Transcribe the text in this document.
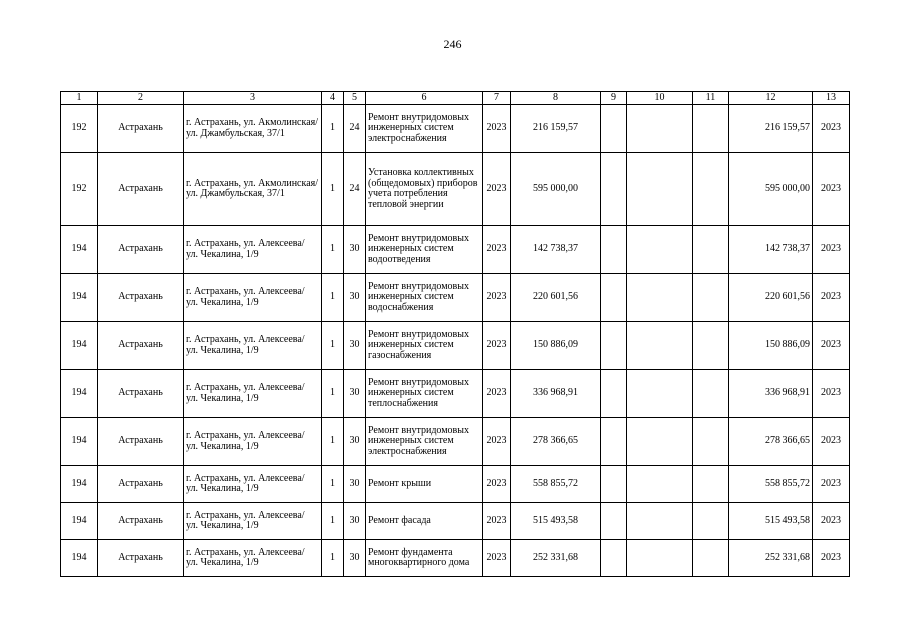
246
1	2	3	4	5	6	7	8	9	10	11	12	13
192	Астрахань	г. Астрахань, ул. Акмолинская/ ул. Джамбульская, 37/1	1	24	Ремонт внутридомовых инженерных систем электроснабжения	2023	216 159,57				216 159,57	2023
192	Астрахань	г. Астрахань, ул. Акмолинская/ ул. Джамбульская, 37/1	1	24	Установка коллективных (общедомовых) приборов учета потребления тепловой энергии	2023	595 000,00				595 000,00	2023
194	Астрахань	г. Астрахань, ул. Алексеева/ ул. Чекалина, 1/9	1	30	Ремонт внутридомовых инженерных систем водоотведения	2023	142 738,37				142 738,37	2023
194	Астрахань	г. Астрахань, ул. Алексеева/ ул. Чекалина, 1/9	1	30	Ремонт внутридомовых инженерных систем водоснабжения	2023	220 601,56				220 601,56	2023
194	Астрахань	г. Астрахань, ул. Алексеева/ ул. Чекалина, 1/9	1	30	Ремонт внутридомовых инженерных систем газоснабжения	2023	150 886,09				150 886,09	2023
194	Астрахань	г. Астрахань, ул. Алексеева/ ул. Чекалина, 1/9	1	30	Ремонт внутридомовых инженерных систем теплоснабжения	2023	336 968,91				336 968,91	2023
194	Астрахань	г. Астрахань, ул. Алексеева/ ул. Чекалина, 1/9	1	30	Ремонт внутридомовых инженерных систем электроснабжения	2023	278 366,65				278 366,65	2023
194	Астрахань	г. Астрахань, ул. Алексеева/ ул. Чекалина, 1/9	1	30	Ремонт крыши	2023	558 855,72				558 855,72	2023
194	Астрахань	г. Астрахань, ул. Алексеева/ ул. Чекалина, 1/9	1	30	Ремонт фасада	2023	515 493,58				515 493,58	2023
194	Астрахань	г. Астрахань, ул. Алексеева/ ул. Чекалина, 1/9	1	30	Ремонт фундамента многоквартирного дома	2023	252 331,68				252 331,68	2023
